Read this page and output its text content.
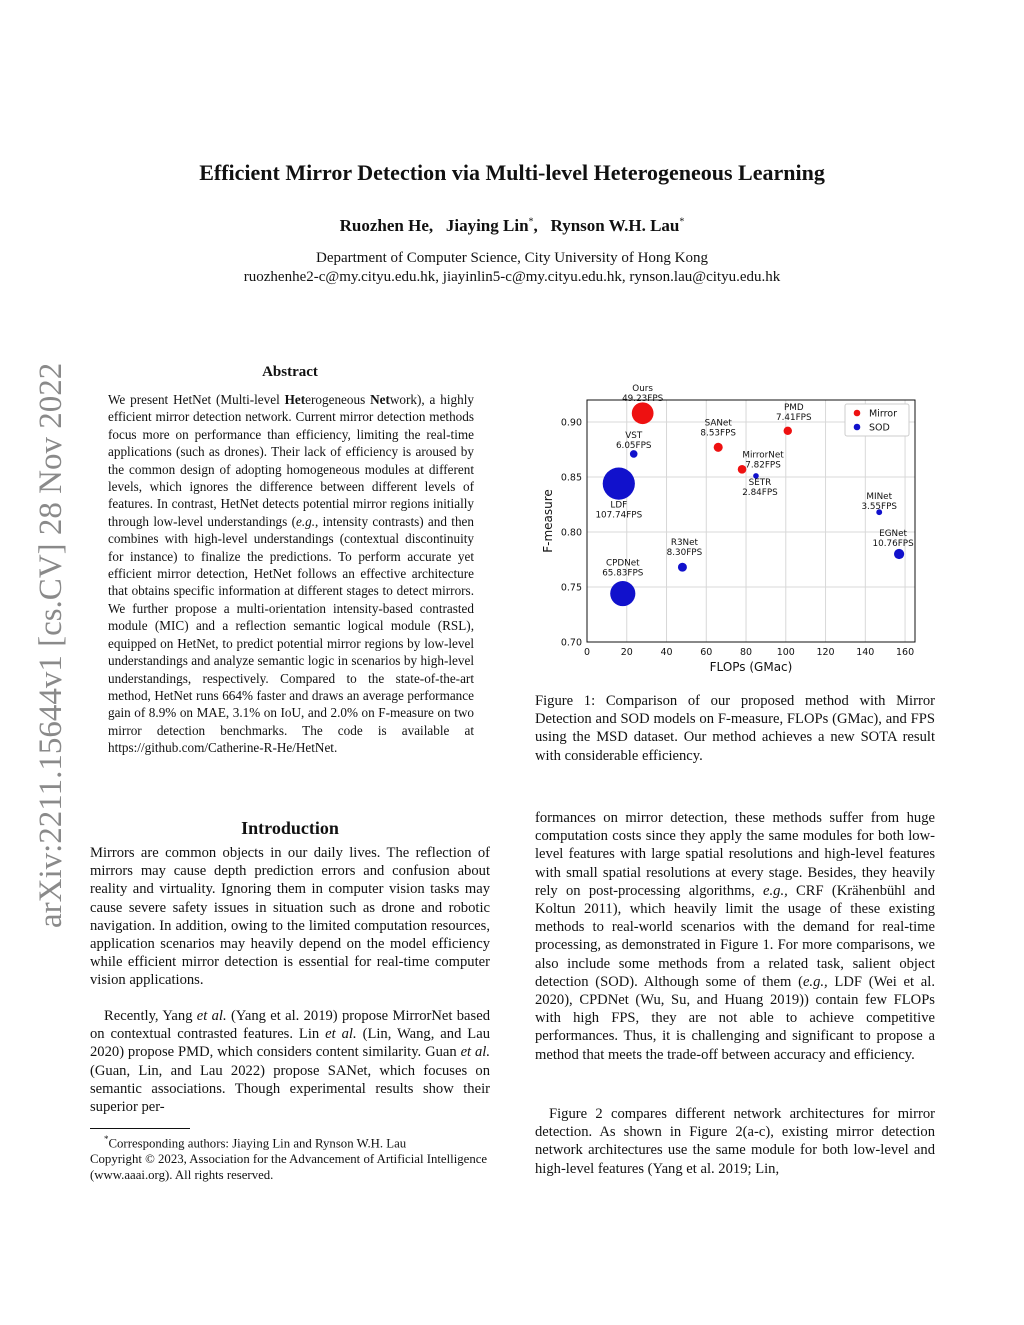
Efficient Mirror Detection via Multi-level Heterogeneous Learning
Ruozhen He, Jiaying Lin*, Rynson W.H. Lau*
Department of Computer Science, City University of Hong Kong
ruozhenhe2-c@my.cityu.edu.hk, jiayinlin5-c@my.cityu.edu.hk, rynson.lau@cityu.edu.hk
arXiv:2211.15644v1 [cs.CV] 28 Nov 2022	Abstract
We present HetNet (Multi-level Heterogeneous Network), a highly efficient mirror detection network. Current mirror detection methods focus more on performance than efficiency, limiting the real-time applications (such as drones). Their lack of efficiency is aroused by the common design of adopting homogeneous modules at different levels, which ignores the difference between different levels of features. In contrast, HetNet detects potential mirror regions initially through low-level understandings (e.g., intensity contrasts) and then combines with high-level understandings (contextual discontinuity for instance) to finalize the predictions. To perform accurate yet efficient mirror detection, HetNet follows an effective architecture that obtains specific information at different stages to detect mirrors. We further propose a multi-orientation intensity-based contrasted module (MIC) and a reflection semantic logical module (RSL), equipped on HetNet, to predict potential mirror regions by low-level understandings and analyze semantic logic in scenarios by high-level understandings, respectively. Compared to the state-of-the-art method, HetNet runs 664% faster and draws an average performance gain of 8.9% on MAE, 3.1% on IoU, and 2.0% on F-measure on two mirror detection benchmarks. The code is available at https://github.com/Catherine-R-He/HetNet.
Introduction
Mirrors are common objects in our daily lives. The reflection of mirrors may cause depth prediction errors and confusion about reality and virtuality. Ignoring them in computer vision tasks may cause severe safety issues in situation such as drone and robotic navigation. In addition, owing to the limited computation resources, application scenarios may heavily depend on the model efficiency while efficient mirror detection is essential for real-time computer vision applications.
Recently, Yang et al. (Yang et al. 2019) propose MirrorNet based on contextual contrasted features. Lin et al. (Lin, Wang, and Lau 2020) propose PMD, which considers content similarity. Guan et al. (Guan, Lin, and Lau 2022) propose SANet, which focuses on semantic associations. Though experimental results show their superior per-
*Corresponding authors: Jiaying Lin and Rynson W.H. Lau
Copyright © 2023, Association for the Advancement of Artificial Intelligence (www.aaai.org). All rights reserved.
0	20	40	60	80	100 120 140 160
0.70
0.75
0.80
0.85
0.90
FLOPs (GMac)
F-measure
Ours
49.23FPS
SANet
8.53FPS
MirrorNet
7.82FPS
PMD
7.41FPS
VST
6.05FPS
LDF
107.74FPS
CPDNet
65.83FPS
R3Net
8.30FPS
SETR
2.84FPS	MINet
3.55FPS
EGNet
10.76FPS
Mirror
SOD
Figure 1: Comparison of our proposed method with Mirror Detection and SOD models on F-measure, FLOPs (GMac), and FPS using the MSD dataset. Our method achieves a new SOTA result with considerable efficiency.
formances on mirror detection, these methods suffer from huge computation costs since they apply the same modules for both low-level features with large spatial resolutions and high-level features with small spatial resolutions at every stage. Besides, they heavily rely on post-processing algorithms, e.g., CRF (Krähenbühl and Koltun 2011), which heavily limit the usage of these existing methods to real-world scenarios with the demand for real-time processing, as demonstrated in Figure 1. For more comparisons, we also include some methods from a related task, salient object detection (SOD). Although some of them (e.g., LDF (Wei et al. 2020), CPDNet (Wu, Su, and Huang 2019)) contain few FLOPs with high FPS, they are not able to achieve competitive performances. Thus, it is challenging and significant to propose a method that meets the trade-off between accuracy and efficiency.
Figure 2 compares different network architectures for mirror detection. As shown in Figure 2(a-c), existing mirror detection network architectures use the same module for both low-level and high-level features (Yang et al. 2019; Lin,
